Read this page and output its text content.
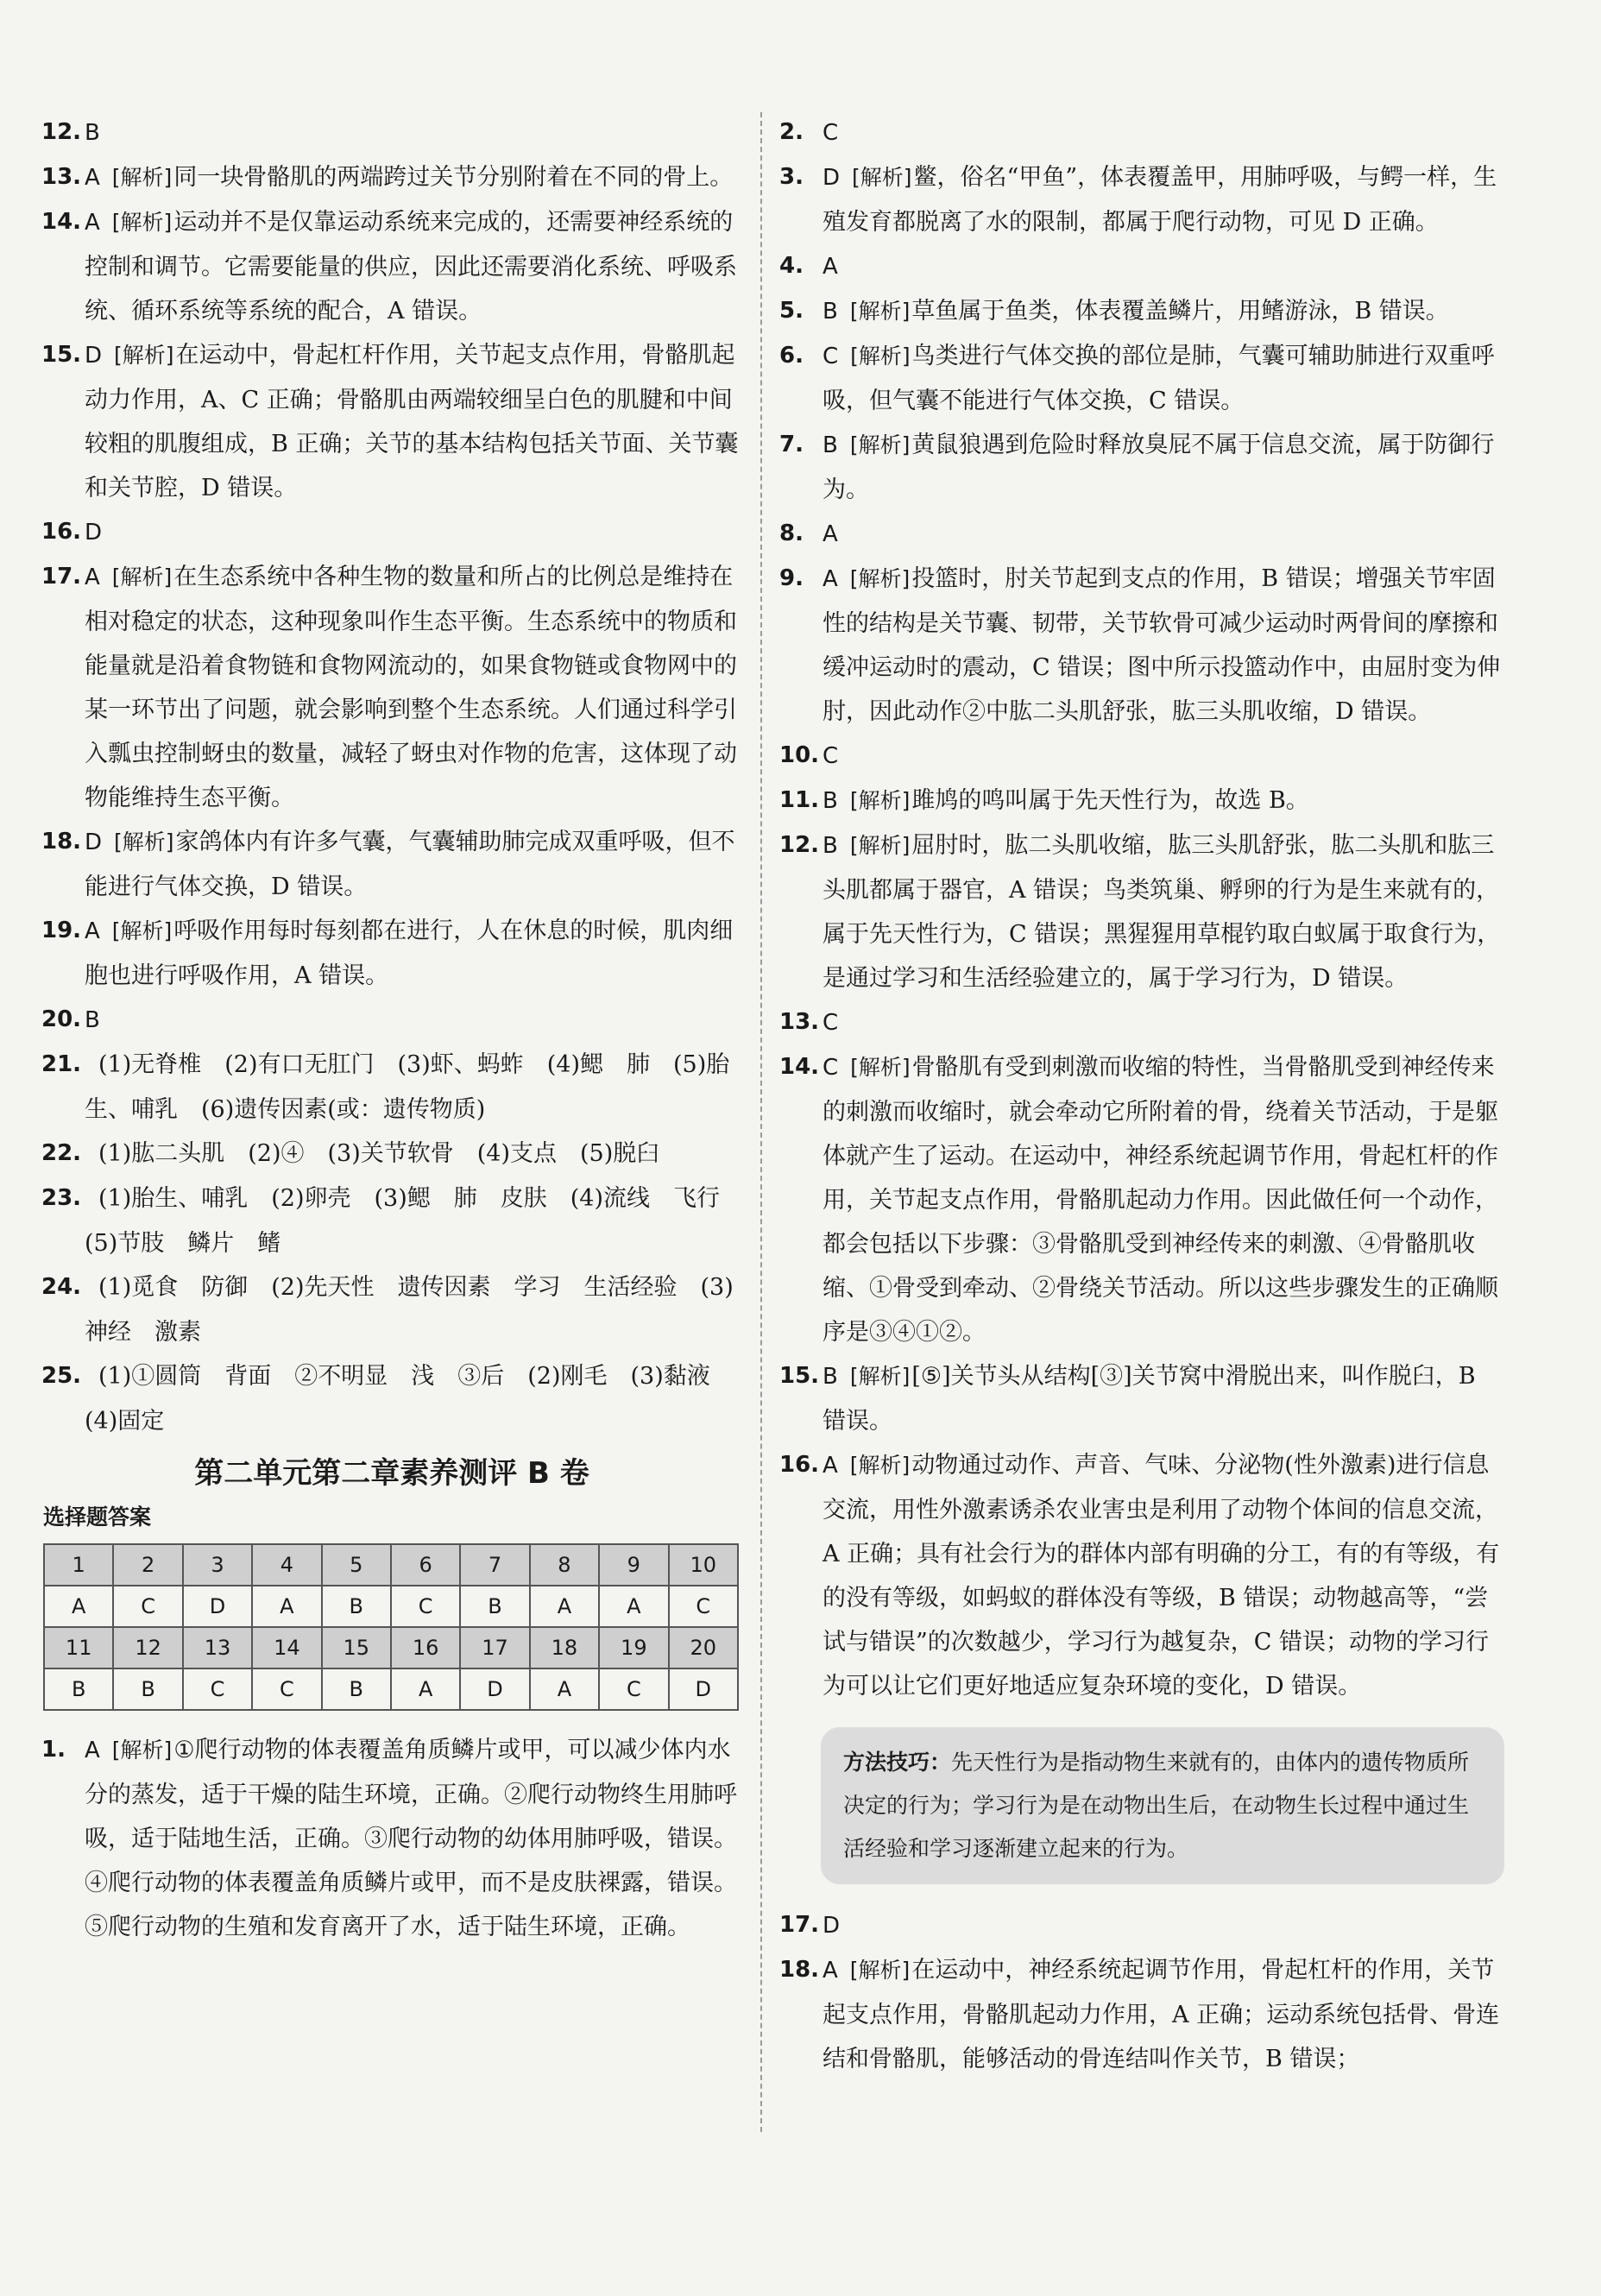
12. B
13. A [解析]同一块骨骼肌的两端跨过关节分别附着在不同的骨上。
14. A [解析]运动并不是仅靠运动系统来完成的，还需要神经系统的控制和调节。它需要能量的供应，因此还需要消化系统、呼吸系统、循环系统等系统的配合，A 错误。
15. D [解析]在运动中，骨起杠杆作用，关节起支点作用，骨骼肌起动力作用，A、C 正确；骨骼肌由两端较细呈白色的肌腱和中间较粗的肌腹组成，B 正确；关节的基本结构包括关节面、关节囊和关节腔，D 错误。
16. D
17. A [解析]在生态系统中各种生物的数量和所占的比例总是维持在相对稳定的状态，这种现象叫作生态平衡。生态系统中的物质和能量就是沿着食物链和食物网流动的，如果食物链或食物网中的某一环节出了问题，就会影响到整个生态系统。人们通过科学引入瓢虫控制蚜虫的数量，减轻了蚜虫对作物的危害，这体现了动物能维持生态平衡。
18. D [解析]家鸽体内有许多气囊，气囊辅助肺完成双重呼吸，但不能进行气体交换，D 错误。
19. A [解析]呼吸作用每时每刻都在进行，人在休息的时候，肌肉细胞也进行呼吸作用，A 错误。
20. B
21. (1)无脊椎　(2)有口无肛门　(3)虾、蚂蚱　(4)鳃　肺　(5)胎生、哺乳　(6)遗传因素(或：遗传物质)
22. (1)肱二头肌　(2)④　(3)关节软骨　(4)支点　(5)脱臼
23. (1)胎生、哺乳　(2)卵壳　(3)鳃　肺　皮肤　(4)流线　飞行　(5)节肢　鳞片　鳍
24. (1)觅食　防御　(2)先天性　遗传因素　学习　生活经验　(3)神经　激素
25. (1)①圆筒　背面　②不明显　浅　③后　(2)刚毛　(3)黏液　(4)固定
第二单元第二章素养测评 B 卷
选择题答案
1	2	3	4	5	6	7	8	9	10
A	C	D	A	B	C	B	A	A	C
11	12	13	14	15	16	17	18	19	20
B	B	C	C	B	A	D	A	C	D
1. A [解析]①爬行动物的体表覆盖角质鳞片或甲，可以减少体内水分的蒸发，适于干燥的陆生环境，正确。②爬行动物终生用肺呼吸，适于陆地生活，正确。③爬行动物的幼体用肺呼吸，错误。④爬行动物的体表覆盖角质鳞片或甲，而不是皮肤裸露，错误。⑤爬行动物的生殖和发育离开了水，适于陆生环境，正确。
2. C
3. D [解析]鳖，俗名“甲鱼”，体表覆盖甲，用肺呼吸，与鳄一样，生殖发育都脱离了水的限制，都属于爬行动物，可见 D 正确。
4. A
5. B [解析]草鱼属于鱼类，体表覆盖鳞片，用鳍游泳，B 错误。
6. C [解析]鸟类进行气体交换的部位是肺，气囊可辅助肺进行双重呼吸，但气囊不能进行气体交换，C 错误。
7. B [解析]黄鼠狼遇到危险时释放臭屁不属于信息交流，属于防御行为。
8. A
9. A [解析]投篮时，肘关节起到支点的作用，B 错误；增强关节牢固性的结构是关节囊、韧带，关节软骨可减少运动时两骨间的摩擦和缓冲运动时的震动，C 错误；图中所示投篮动作中，由屈肘变为伸肘，因此动作②中肱二头肌舒张，肱三头肌收缩，D 错误。
10. C
11. B [解析]雎鸠的鸣叫属于先天性行为，故选 B。
12. B [解析]屈肘时，肱二头肌收缩，肱三头肌舒张，肱二头肌和肱三头肌都属于器官，A 错误；鸟类筑巢、孵卵的行为是生来就有的，属于先天性行为，C 错误；黑猩猩用草棍钓取白蚁属于取食行为，是通过学习和生活经验建立的，属于学习行为，D 错误。
13. C
14. C [解析]骨骼肌有受到刺激而收缩的特性，当骨骼肌受到神经传来的刺激而收缩时，就会牵动它所附着的骨，绕着关节活动，于是躯体就产生了运动。在运动中，神经系统起调节作用，骨起杠杆的作用，关节起支点作用，骨骼肌起动力作用。因此做任何一个动作，都会包括以下步骤：③骨骼肌受到神经传来的刺激、④骨骼肌收缩、①骨受到牵动、②骨绕关节活动。所以这些步骤发生的正确顺序是③④①②。
15. B [解析][⑤]关节头从结构[③]关节窝中滑脱出来，叫作脱臼，B 错误。
16. A [解析]动物通过动作、声音、气味、分泌物(性外激素)进行信息交流，用性外激素诱杀农业害虫是利用了动物个体间的信息交流，A 正确；具有社会行为的群体内部有明确的分工，有的有等级，有的没有等级，如蚂蚁的群体没有等级，B 错误；动物越高等，“尝试与错误”的次数越少，学习行为越复杂，C 错误；动物的学习行为可以让它们更好地适应复杂环境的变化，D 错误。
方法技巧：先天性行为是指动物生来就有的，由体内的遗传物质所决定的行为；学习行为是在动物出生后，在动物生长过程中通过生活经验和学习逐渐建立起来的行为。
17. D
18. A [解析]在运动中，神经系统起调节作用，骨起杠杆的作用，关节起支点作用，骨骼肌起动力作用，A 正确；运动系统包括骨、骨连结和骨骼肌，能够活动的骨连结叫作关节，B 错误；
